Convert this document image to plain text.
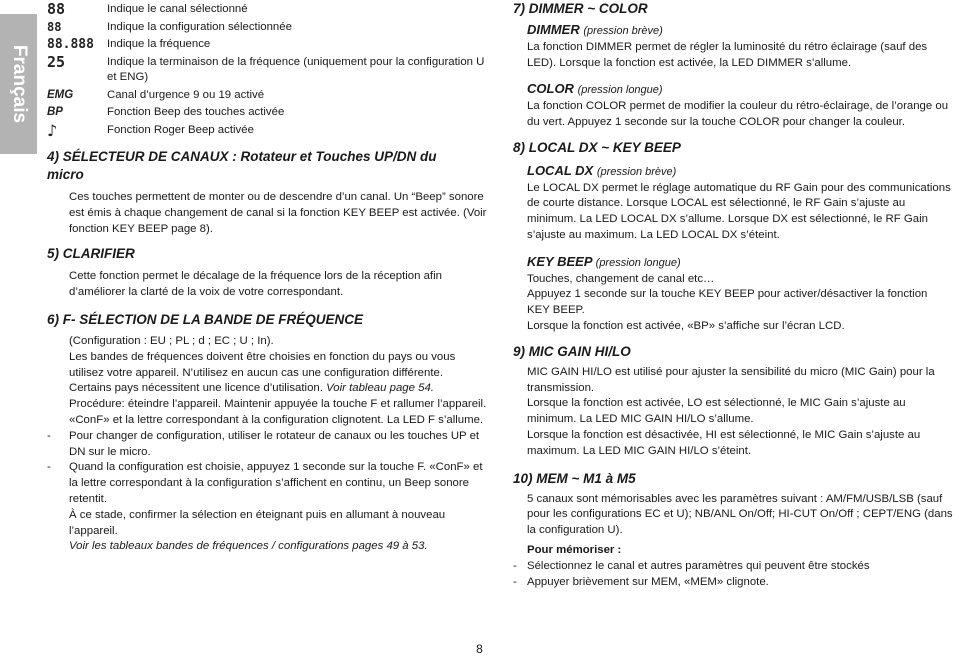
Français
88	Indique le canal sélectionné
88	Indique la configuration sélectionnée
88.888	Indique la fréquence
25	Indique la terminaison de la fréquence (uniquement pour la configuration U et ENG)
EMG	Canal d’urgence 9 ou 19 activé
BP	Fonction Beep des touches activée
♪	Fonction Roger Beep activée
4) SÉLECTEUR DE CANAUX : Rotateur et Touches UP/DN du micro

Ces touches permettent de monter ou de descendre d’un canal. Un “Beep” sonore est émis à chaque changement de canal si la fonction KEY BEEP est activée. (Voir fonction KEY BEEP page 8).

5) CLARIFIER

Cette fonction permet le décalage de la fréquence lors de la réception afin d’améliorer la clarté de la voix de votre correspondant.

6) F- SÉLECTION DE LA BANDE DE FRÉQUENCE

(Configuration : EU ; PL ; d ; EC ; U ; In).

Les bandes de fréquences doivent être choisies en fonction du pays ou vous utilisez votre appareil. N’utilisez en aucun cas une configuration différente.

Certains pays nécessitent une licence d’utilisation. Voir tableau page 54.

Procédure: éteindre l’appareil. Maintenir appuyée la touche F et rallumer l’appareil.

«ConF» et la lettre correspondant à la configuration clignotent. La LED F s’allume.

-	Pour changer de configuration, utiliser le rotateur de canaux ou les touches UP et DN sur le micro.

-	Quand la configuration est choisie, appuyez 1 seconde sur la touche F. «ConF» et la lettre correspondant à la configuration s’affichent en continu, un Beep sonore retentit.

À ce stade, confirmer la sélection en éteignant puis en allumant à nouveau l’appareil.

Voir les tableaux bandes de fréquences / configurations pages 49 à 53.

7) DIMMER ~ COLOR
DIMMER (pression brève)

La fonction DIMMER permet de régler la luminosité du rétro éclairage (sauf des LED). Lorsque la fonction est activée, la LED DIMMER s’allume.

COLOR (pression longue)

La fonction COLOR permet de modifier la couleur du rétro-éclairage, de l’orange ou du vert. Appuyez 1 seconde sur la touche COLOR pour changer la couleur.

8) LOCAL DX ~ KEY BEEP
LOCAL DX (pression brève)

Le LOCAL DX permet le réglage automatique du RF Gain pour des communications de courte distance. Lorsque LOCAL est sélectionné, le RF Gain s’ajuste au minimum. La LED LOCAL DX s’allume. Lorsque DX est sélectionné, le RF Gain s’ajuste au maximum. La LED LOCAL DX s’éteint.

KEY BEEP (pression longue)

Touches, changement de canal etc…

Appuyez 1 seconde sur la touche KEY BEEP pour activer/désactiver la fonction KEY BEEP.

Lorsque la fonction est activée, «BP» s’affiche sur l’écran LCD.

9) MIC GAIN HI/LO

MIC GAIN HI/LO est utilisé pour ajuster la sensibilité du micro (MIC Gain) pour la transmission.

Lorsque la fonction est activée, LO est sélectionné, le MIC Gain s’ajuste au minimum. La LED MIC GAIN HI/LO s’allume.

Lorsque la fonction est désactivée, HI est sélectionné, le MIC Gain s’ajuste au maximum. La LED MIC GAIN HI/LO s’éteint.

10) MEM ~ M1 à M5

5 canaux sont mémorisables avec les paramètres suivant : AM/FM/USB/LSB (sauf pour les configurations EC et U); NB/ANL On/Off; HI-CUT On/Off ; CEPT/ENG (dans la configuration U).

Pour mémoriser :

- Sélectionnez le canal et autres paramètres qui peuvent être stockés

- Appuyer brièvement sur MEM, «MEM» clignote.

8
